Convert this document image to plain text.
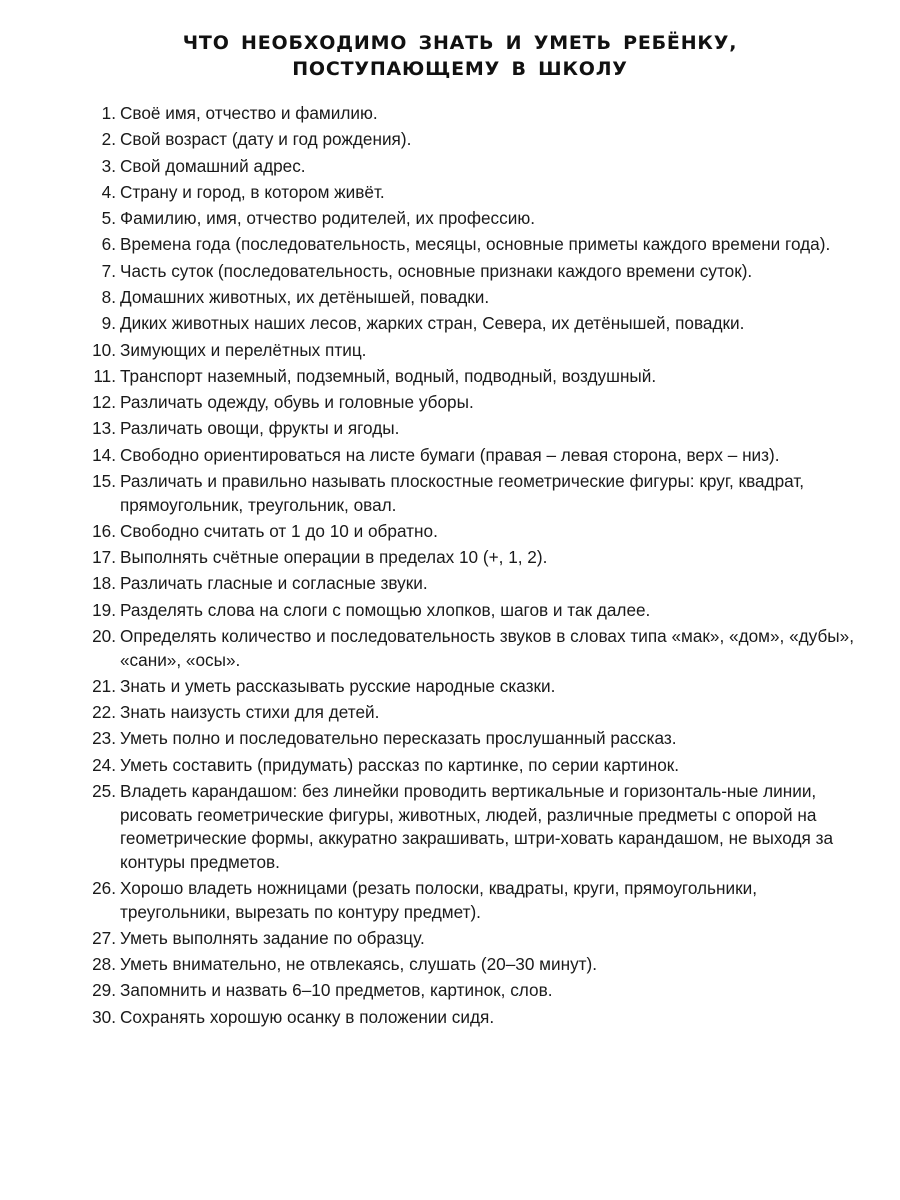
ЧТО НЕОБХОДИМО ЗНАТЬ И УМЕТЬ РЕБЁНКУ,
ПОСТУПАЮЩЕМУ В ШКОЛУ
1. Своё имя, отчество и фамилию.
2. Свой возраст (дату и год рождения).
3. Свой домашний адрес.
4. Страну и город, в котором живёт.
5. Фамилию, имя, отчество родителей, их профессию.
6. Времена года (последовательность, месяцы, основные приметы каждого времени года).
7. Часть суток (последовательность, основные признаки каждого времени суток).
8. Домашних животных, их детёнышей, повадки.
9. Диких животных наших лесов, жарких стран, Севера, их детёнышей, повадки.
10. Зимующих и перелётных птиц.
11. Транспорт наземный, подземный, водный, подводный, воздушный.
12. Различать одежду, обувь и головные уборы.
13. Различать овощи, фрукты и ягоды.
14. Свободно ориентироваться на листе бумаги (правая – левая сторона, верх – низ).
15. Различать и правильно называть плоскостные геометрические фигуры: круг, квадрат, прямоугольник, треугольник, овал.
16. Свободно считать от 1 до 10 и обратно.
17. Выполнять счётные операции в пределах 10 (+, 1, 2).
18. Различать гласные и согласные звуки.
19. Разделять слова на слоги с помощью хлопков, шагов и так далее.
20. Определять количество и последовательность звуков в словах типа «мак», «дом», «дубы», «сани», «осы».
21. Знать и уметь рассказывать русские народные сказки.
22. Знать наизусть стихи для детей.
23. Уметь полно и последовательно пересказать прослушанный рассказ.
24. Уметь составить (придумать) рассказ по картинке, по серии картинок.
25. Владеть карандашом: без линейки проводить вертикальные и горизонталь-ные линии, рисовать геометрические фигуры, животных, людей, различные предметы с опорой на геометрические формы, аккуратно закрашивать, штри-ховать карандашом, не выходя за контуры предметов.
26. Хорошо владеть ножницами (резать полоски, квадраты, круги, прямоугольники, треугольники, вырезать по контуру предмет).
27. Уметь выполнять задание по образцу.
28. Уметь внимательно, не отвлекаясь, слушать (20–30 минут).
29. Запомнить и назвать 6–10 предметов, картинок, слов.
30. Сохранять хорошую осанку в положении сидя.
